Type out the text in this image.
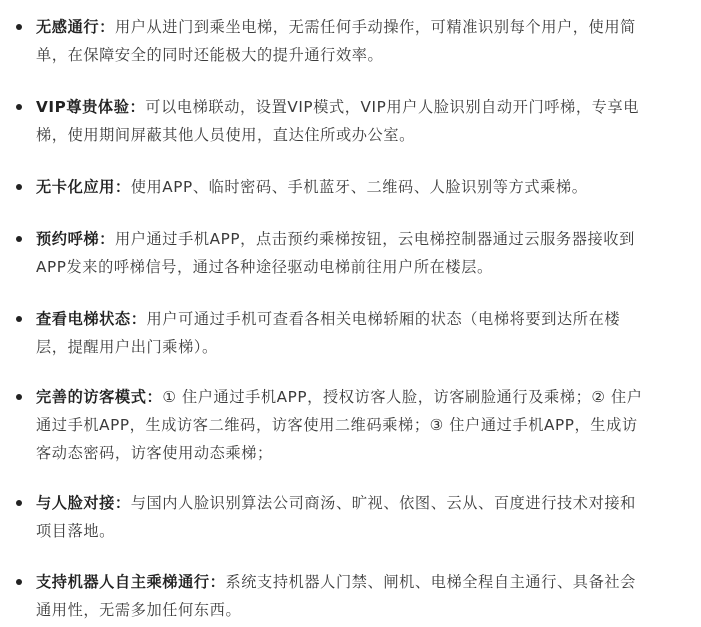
无感通行：用户从进门到乘坐电梯，无需任何手动操作，可精准识别每个用户，使用简单，在保障安全的同时还能极大的提升通行效率。
VIP尊贵体验：可以电梯联动，设置VIP模式，VIP用户人脸识别自动开门呼梯，专享电梯，使用期间屏蔽其他人员使用，直达住所或办公室。
无卡化应用：使用APP、临时密码、手机蓝牙、二维码、人脸识别等方式乘梯。
预约呼梯：用户通过手机APP，点击预约乘梯按钮，云电梯控制器通过云服务器接收到APP发来的呼梯信号，通过各种途径驱动电梯前往用户所在楼层。
查看电梯状态：用户可通过手机可查看各相关电梯轿厢的状态（电梯将要到达所在楼层，提醒用户出门乘梯）。
完善的访客模式：① 住户通过手机APP，授权访客人脸，访客刷脸通行及乘梯；② 住户通过手机APP，生成访客二维码，访客使用二维码乘梯；③ 住户通过手机APP，生成访客动态密码，访客使用动态乘梯；
与人脸对接：与国内人脸识别算法公司商汤、旷视、依图、云从、百度进行技术对接和项目落地。
支持机器人自主乘梯通行：系统支持机器人门禁、闸机、电梯全程自主通行、具备社会通用性，无需多加任何东西。
